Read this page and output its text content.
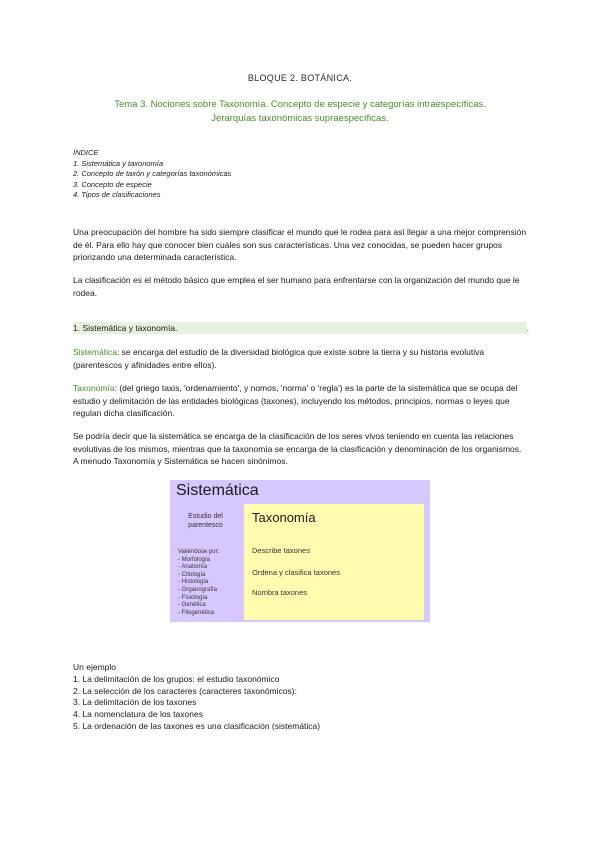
BLOQUE 2. BOTÁNICA.
Tema 3. Nociones sobre Taxonomía. Concepto de especie y categorías intraespecíficas.
Jerarquías taxonómicas supraespecíficas.
ÍNDICE
1. Sistemática y taxonomía
2. Concepto de taxón y categorías taxonómicas
3. Concepto de especie
4. Tipos de clasificaciones
Una preocupación del hombre ha sido siempre clasificar el mundo que le rodea para así llegar a una mejor comprensión de él. Para ello hay que conocer bien cuáles son sus características. Una vez conocidas, se pueden hacer grupos priorizando una determinada característica.
La clasificación es el método básico que emplea el ser humano para enfrentarse con la organización del mundo que le rodea.
1. Sistemática y taxonomía.	.
Sistemática: se encarga del estudio de la diversidad biológica que existe sobre la tierra y su historia evolutiva (parentescos y afinidades entre ellos).
Taxonomía: (del griego taxis, 'ordenamiento', y nomos, 'norma' o 'regla') es la parte de la sistemática que se ocupa del estudio y delimitación de las entidades biológicas (taxones), incluyendo los métodos, principios, normas o leyes que regulan dicha clasificación.
Se podría decir que la sistemática se encarga de la clasificación de los seres vivos teniendo en cuenta las relaciones evolutivas de los mismos, mientras que la taxonomía se encarga de la clasificación y denominación de los organismos. A menudo Taxonomía y Sistemática se hacen sinónimos.
Sistemática
Estudio del parentesco
Valiéndose por:
- Morfología
- Anatomía
- Citología
- Histología
- Organografía
- Fisiología
- Genética
- Filogenética
Taxonomía
Describe taxones
Ordena y clasifica taxones
Nombra taxones
Un ejemplo
1. La delimitación de los grupos: el estudio taxonómico
2. La selección de los caracteres (caracteres taxonómicos):
3. La delimitación de los taxones
4. La nomenclatura de los taxones
5. La ordenación de las taxones es una clasificación (sistemática)
